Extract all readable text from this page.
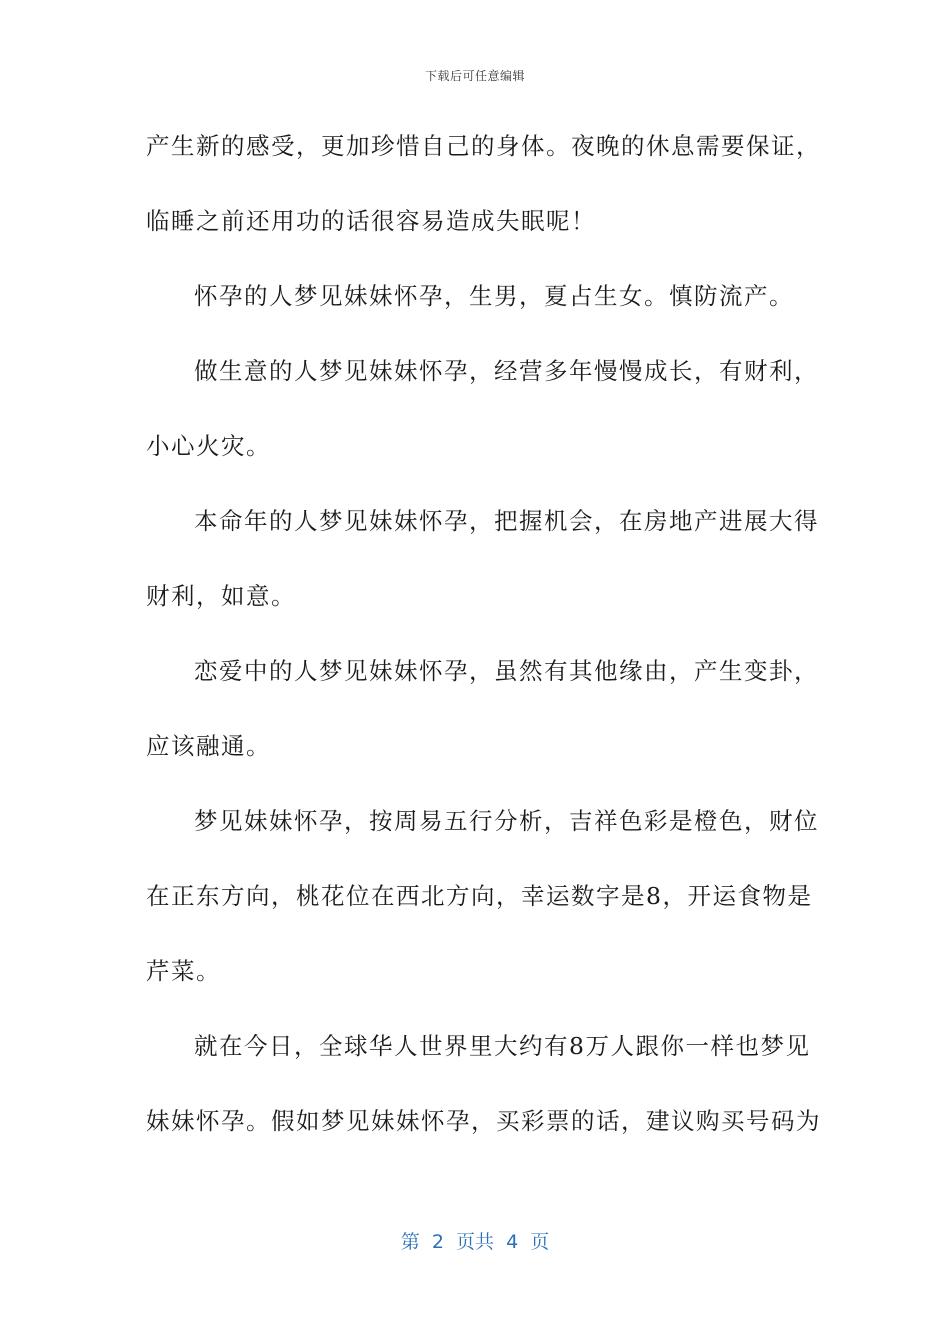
下载后可任意编辑
产生新的感受，更加珍惜自己的身体。夜晚的休息需要保证，
临睡之前还用功的话很容易造成失眠呢！
怀孕的人梦见妹妹怀孕，生男，夏占生女。慎防流产。
做生意的人梦见妹妹怀孕，经营多年慢慢成长，有财利，
小心火灾。
本命年的人梦见妹妹怀孕，把握机会，在房地产进展大得
财利，如意。
恋爱中的人梦见妹妹怀孕，虽然有其他缘由，产生变卦，
应该融通。
梦见妹妹怀孕，按周易五行分析，吉祥色彩是橙色，财位
在正东方向，桃花位在西北方向，幸运数字是8，开运食物是
芹菜。
就在今日，全球华人世界里大约有8万人跟你一样也梦见
妹妹怀孕。假如梦见妹妹怀孕，买彩票的话，建议购买号码为
第  2  页共  4  页
